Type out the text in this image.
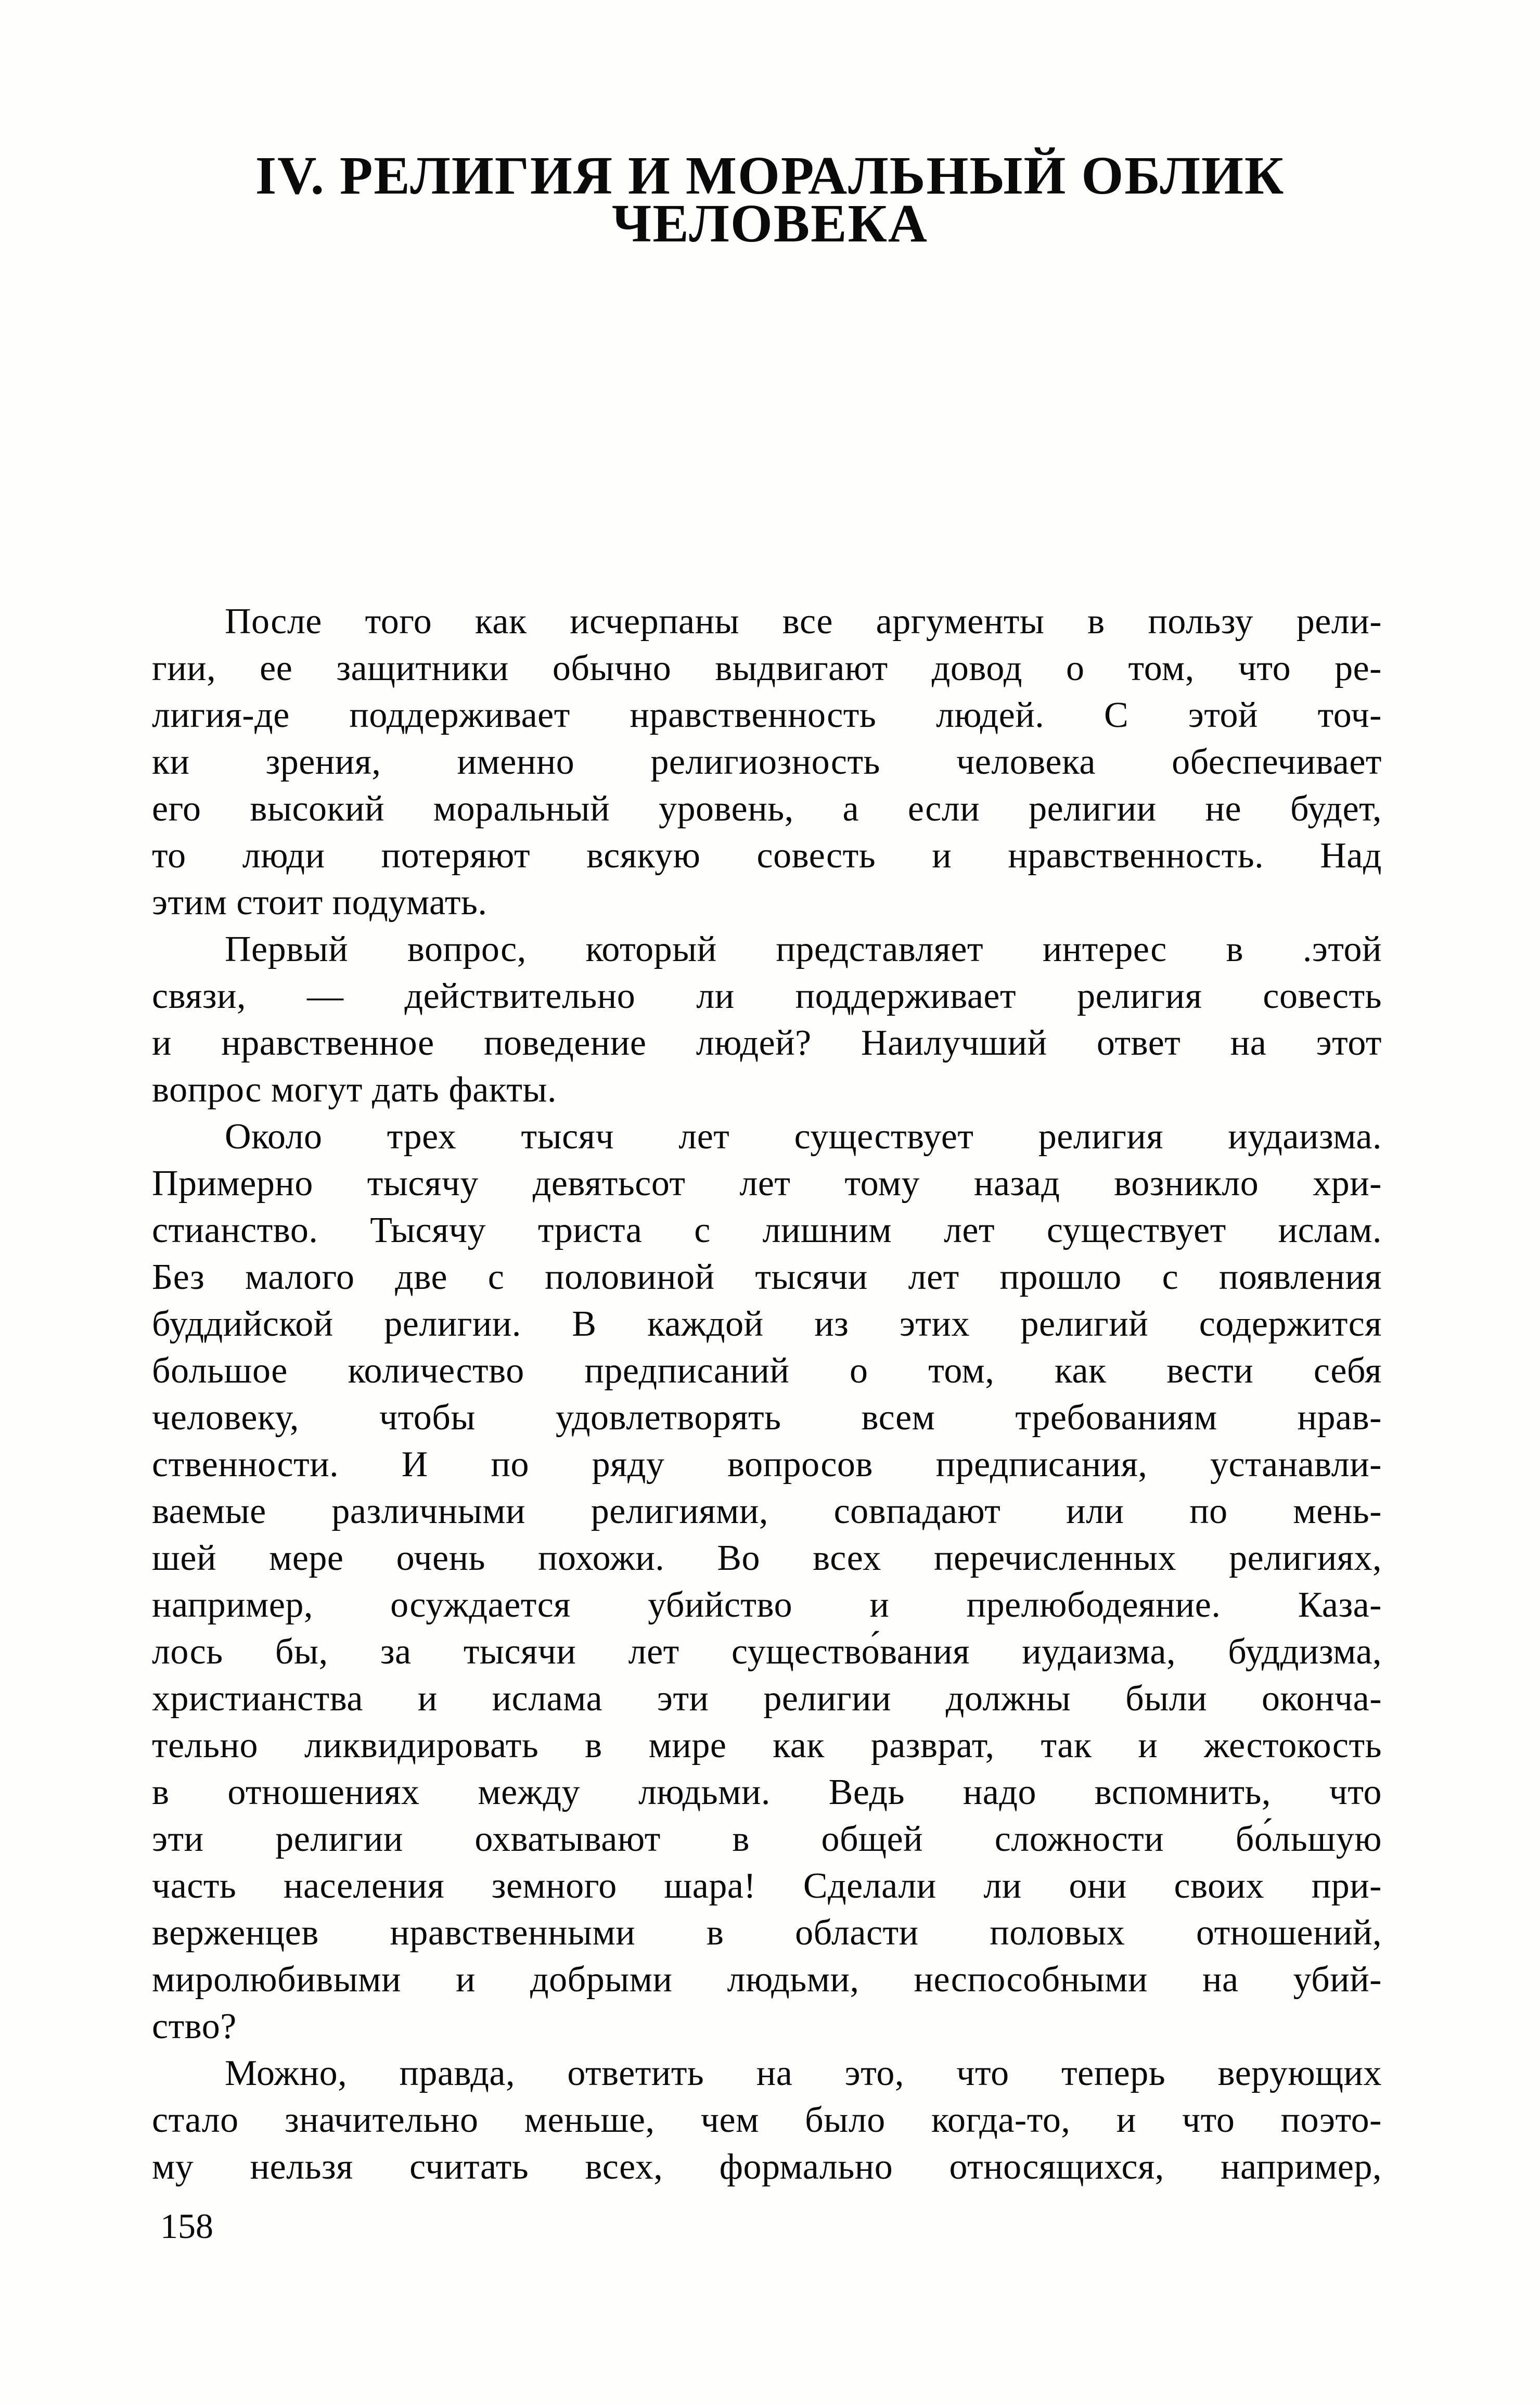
IV. РЕЛИГИЯ И МОРАЛЬНЫЙ ОБЛИК
ЧЕЛОВЕКА
После того как исчерпаны все аргументы в пользу рели-
гии, ее защитники обычно выдвигают довод о том, что ре-
лигия-де поддерживает нравственность людей. С этой точ-
ки зрения, именно религиозность человека обеспечивает
его высокий моральный уровень, а если религии не будет,
то люди потеряют всякую совесть и нравственность. Над
этим стоит подумать.
Первый вопрос, который представляет интерес в .этой
связи, — действительно ли поддерживает религия совесть
и нравственное поведение людей? Наилучший ответ на этот
вопрос могут дать факты.
Около трех тысяч лет существует религия иудаизма.
Примерно тысячу девятьсот лет тому назад возникло хри-
стианство. Тысячу триста с лишним лет существует ислам.
Без малого две с половиной тысячи лет прошло с появления
буддийской религии. В каждой из этих религий содержится
большое количество предписаний о том, как вести себя
человеку, чтобы удовлетворять всем требованиям нрав-
ственности. И по ряду вопросов предписания, устанавли-
ваемые различными религиями, совпадают или по мень-
шей мере очень похожи. Во всех перечисленных религиях,
например, осуждается убийство и прелюбодеяние. Каза-
лось бы, за тысячи лет существо́вания иудаизма, буддизма,
христианства и ислама эти религии должны были оконча-
тельно ликвидировать в мире как разврат, так и жестокость
в отношениях между людьми. Ведь надо вспомнить, что
эти религии охватывают в общей сложности бо́льшую
часть населения земного шара! Сделали ли они своих при-
верженцев нравственными в области половых отношений,
миролюбивыми и добрыми людьми, неспособными на убий-
ство?
Можно, правда, ответить на это, что теперь верующих
стало значительно меньше, чем было когда-то, и что поэто-
му нельзя считать всех, формально относящихся, например,
158
